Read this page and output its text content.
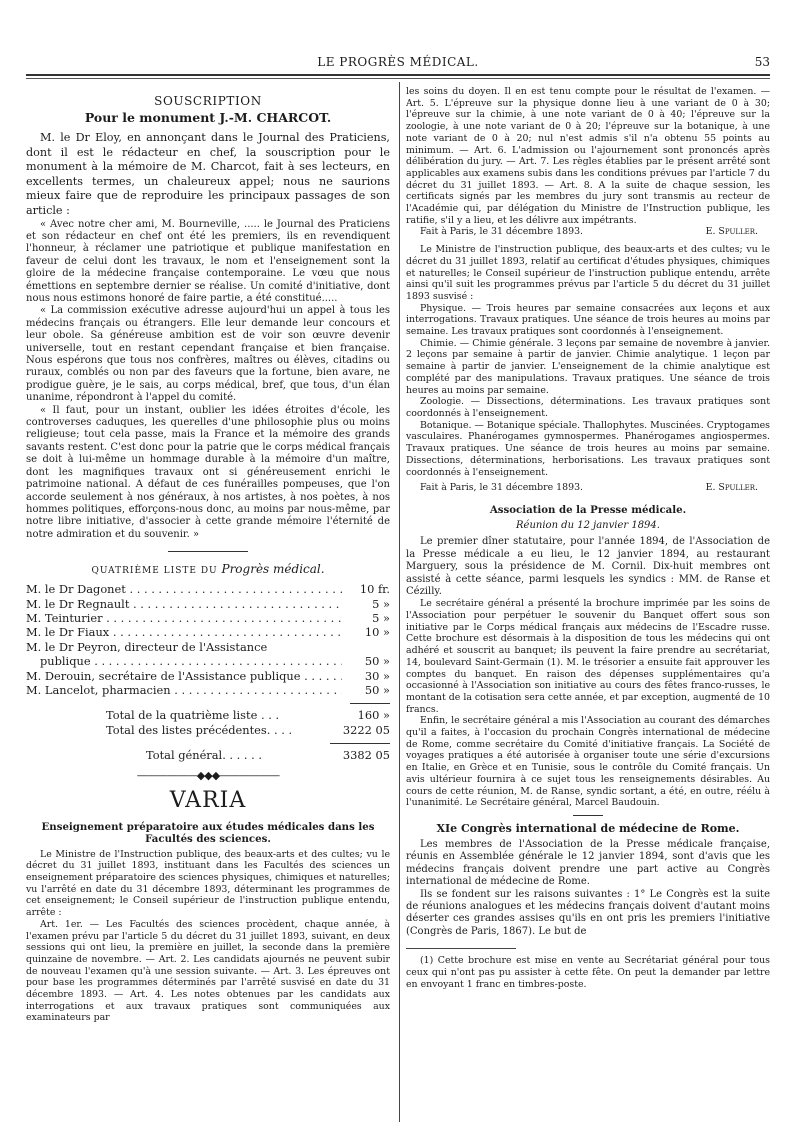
LE PROGRÈS MÉDICAL.	53
SOUSCRIPTION
Pour le monument J.-M. CHARCOT.

M. le Dr Eloy, en annonçant dans le Journal des Praticiens, dont il est le rédacteur en chef, la souscription pour le monument à la mémoire de M. Charcot, fait à ses lecteurs, en excellents termes, un chaleureux appel; nous ne saurions mieux faire que de reproduire les principaux passages de son article :

« Avec notre cher ami, M. Bourneville, ..... le Journal des Praticiens et son rédacteur en chef ont été les premiers, ils en revendiquent l'honneur, à réclamer une patriotique et publique manifestation en faveur de celui dont les travaux, le nom et l'enseignement sont la gloire de la médecine française contemporaine. Le vœu que nous émettions en septembre dernier se réalise. Un comité d'initiative, dont nous nous estimons honoré de faire partie, a été constitué.....

« La commission exécutive adresse aujourd'hui un appel à tous les médecins français ou étrangers. Elle leur demande leur concours et leur obole. Sa généreuse ambition est de voir son œuvre devenir universelle, tout en restant cependant française et bien française. Nous espérons que tous nos confrères, maîtres ou élèves, citadins ou ruraux, comblés ou non par des faveurs que la fortune, bien avare, ne prodigue guère, je le sais, au corps médical, bref, que tous, d'un élan unanime, répondront à l'appel du comité.

« Il faut, pour un instant, oublier les idées étroites d'école, les controverses caduques, les querelles d'une philosophie plus ou moins religieuse; tout cela passe, mais la France et la mémoire des grands savants restent. C'est donc pour la patrie que le corps médical français se doit à lui-même un hommage durable à la mémoire d'un maître, dont les magnifiques travaux ont si généreusement enrichi le patrimoine national. A défaut de ces funérailles pompeuses, que l'on accorde seulement à nos généraux, à nos artistes, à nos poètes, à nos hommes politiques, efforçons-nous donc, au moins par nous-même, par notre libre initiative, d'associer à cette grande mémoire l'éternité de notre admiration et du souvenir. »

QUATRIÈME LISTE DU Progrès médical.
M. le Dr Dagonet . . .	10 fr.
M. le Dr Regnault . . .	5 »
M. Teinturier . . .	5 »
M. le Dr Fiaux . . .	10 »
M. le Dr Peyron, directeur de l'Assistance
publique . . .	50 »
M. Derouin, secrétaire de l'Assistance publique . . .	30 »
M. Lancelot, pharmacien . . .	50 »
Total de la quatrième liste . . .	160 »
Total des listes précédentes. . . .	3222 05
Total général. . . . . .	3382 05
——————◆◆◆——————
VARIA
Enseignement préparatoire aux études médicales dans les Facultés des sciences.

Le Ministre de l'Instruction publique, des beaux-arts et des cultes; vu le décret du 31 juillet 1893, instituant dans les Facultés des sciences un enseignement préparatoire des sciences physiques, chimiques et naturelles; vu l'arrêté en date du 31 décembre 1893, déterminant les programmes de cet enseignement; le Conseil supérieur de l'instruction publique entendu, arrête :

Art. 1er. — Les Facultés des sciences procèdent, chaque année, à l'examen prévu par l'article 5 du décret du 31 juillet 1893, suivant, en deux sessions qui ont lieu, la première en juillet, la seconde dans la première quinzaine de novembre. — Art. 2. Les candidats ajournés ne peuvent subir de nouveau l'examen qu'à une session suivante. — Art. 3. Les épreuves ont pour base les programmes déterminés par l'arrêté susvisé en date du 31 décembre 1893. — Art. 4. Les notes obtenues par les candidats aux interrogations et aux travaux pratiques sont communiquées aux examinateurs par

les soins du doyen. Il en est tenu compte pour le résultat de l'examen. — Art. 5. L'épreuve sur la physique donne lieu à une variant de 0 à 30; l'épreuve sur la chimie, à une note variant de 0 à 40; l'épreuve sur la zoologie, à une note variant de 0 à 20; l'épreuve sur la botanique, à une note variant de 0 à 20; nul n'est admis s'il n'a obtenu 55 points au minimum. — Art. 6. L'admission ou l'ajournement sont prononcés après délibération du jury. — Art. 7. Les règles établies par le présent arrêté sont applicables aux examens subis dans les conditions prévues par l'article 7 du décret du 31 juillet 1893. — Art. 8. A la suite de chaque session, les certificats signés par les membres du jury sont transmis au recteur de l'Académie qui, par délégation du Ministre de l'Instruction publique, les ratifie, s'il y a lieu, et les délivre aux impétrants.

Fait à Paris, le 31 décembre 1893.	E. Spuller.

Le Ministre de l'instruction publique, des beaux-arts et des cultes; vu le décret du 31 juillet 1893, relatif au certificat d'études physiques, chimiques et naturelles; le Conseil supérieur de l'instruction publique entendu, arrête ainsi qu'il suit les programmes prévus par l'article 5 du décret du 31 juillet 1893 susvisé :

Physique. — Trois heures par semaine consacrées aux leçons et aux interrogations. Travaux pratiques. Une séance de trois heures au moins par semaine. Les travaux pratiques sont coordonnés à l'enseignement.

Chimie. — Chimie générale. 3 leçons par semaine de novembre à janvier. 2 leçons par semaine à partir de janvier. Chimie analytique. 1 leçon par semaine à partir de janvier. L'enseignement de la chimie analytique est complété par des manipulations. Travaux pratiques. Une séance de trois heures au moins par semaine.

Zoologie. — Dissections, déterminations. Les travaux pratiques sont coordonnés à l'enseignement.

Botanique. — Botanique spéciale. Thallophytes. Muscinées. Cryptogames vasculaires. Phanérogames gymnospermes. Phanérogames angiospermes. Travaux pratiques. Une séance de trois heures au moins par semaine. Dissections, déterminations, herborisations. Les travaux pratiques sont coordonnés à l'enseignement.

Fait à Paris, le 31 décembre 1893.	E. Spuller.
Association de la Presse médicale.
Réunion du 12 janvier 1894.

Le premier dîner statutaire, pour l'année 1894, de l'Association de la Presse médicale a eu lieu, le 12 janvier 1894, au restaurant Marguery, sous la présidence de M. Cornil. Dix-huit membres ont assisté à cette séance, parmi lesquels les syndics : MM. de Ranse et Cézilly.

Le secrétaire général a présenté la brochure imprimée par les soins de l'Association pour perpétuer le souvenir du Banquet offert sous son initiative par le Corps médical français aux médecins de l'Escadre russe. Cette brochure est désormais à la disposition de tous les médecins qui ont adhéré et souscrit au banquet; ils peuvent la faire prendre au secrétariat, 14, boulevard Saint-Germain (1). M. le trésorier a ensuite fait approuver les comptes du banquet. En raison des dépenses supplémentaires qu'a occasionné à l'Association son initiative au cours des fêtes franco-russes, le montant de la cotisation sera cette année, et par exception, augmenté de 10 francs.

Enfin, le secrétaire général a mis l'Association au courant des démarches qu'il a faites, à l'occasion du prochain Congrès international de médecine de Rome, comme secrétaire du Comité d'initiative français. La Société de voyages pratiques a été autorisée à organiser toute une série d'excursions en Italie, en Grèce et en Tunisie, sous le contrôle du Comité français. Un avis ultérieur fournira à ce sujet tous les renseignements désirables. Au cours de cette réunion, M. de Ranse, syndic sortant, a été, en outre, réélu à l'unanimité. Le Secrétaire général, Marcel Baudouin.

XIe Congrès international de médecine de Rome.

Les membres de l'Association de la Presse médicale française, réunis en Assemblée générale le 12 janvier 1894, sont d'avis que les médecins français doivent prendre une part active au Congrès international de médecine de Rome.

Ils se fondent sur les raisons suivantes : 1° Le Congrès est la suite de réunions analogues et les médecins français doivent d'autant moins déserter ces grandes assises qu'ils en ont pris les premiers l'initiative (Congrès de Paris, 1867). Le but de

(1) Cette brochure est mise en vente au Secrétariat général pour tous ceux qui n'ont pas pu assister à cette fête. On peut la demander par lettre en envoyant 1 franc en timbres-poste.
